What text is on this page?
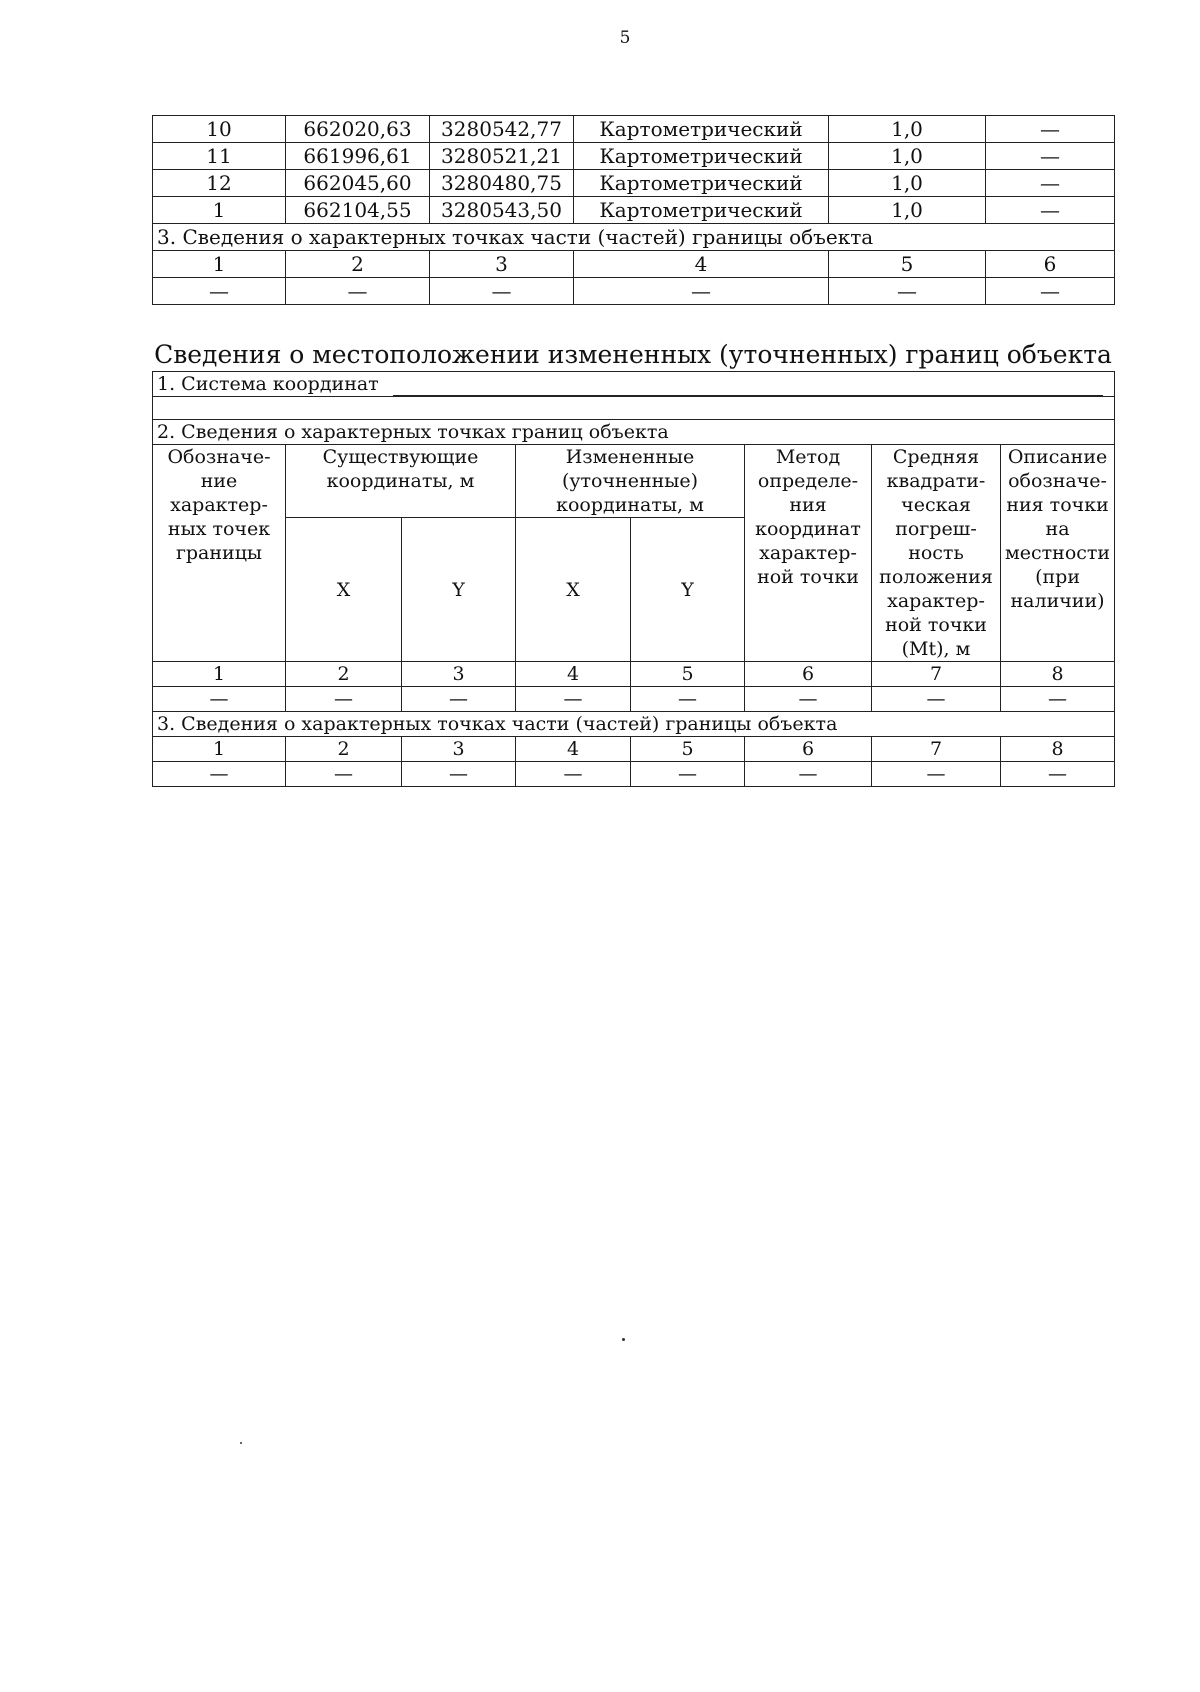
5
10	662020,63	3280542,77	Картометрический	1,0	—
11	661996,61	3280521,21	Картометрический	1,0	—
12	662045,60	3280480,75	Картометрический	1,0	—
1	662104,55	3280543,50	Картометрический	1,0	—
3. Сведения о характерных точках части (частей) границы объекта					
1	2	3	4	5	6
—	—	—	—	—	—
Сведения о местоположении измененных (уточненных) границ объекта
1. Система координат							

2. Сведения о характерных точках границ объекта							
Обозначе-ние характер-ных точек границы	Существующие координаты, м		Измененные (уточненные) координаты, м		Метод определе-ния координат характер-ной точки	Средняя квадрати-ческая погреш-ность положения характер-ной точки (Mt), м	Описание обозначе-ния точки на местности (при наличии)
	X	Y	X	Y			
1	2	3	4	5	6	7	8
—	—	—	—	—	—	—	—
3. Сведения о характерных точках части (частей) границы объекта							
1	2	3	4	5	6	7	8
—	—	—	—	—	—	—	—
